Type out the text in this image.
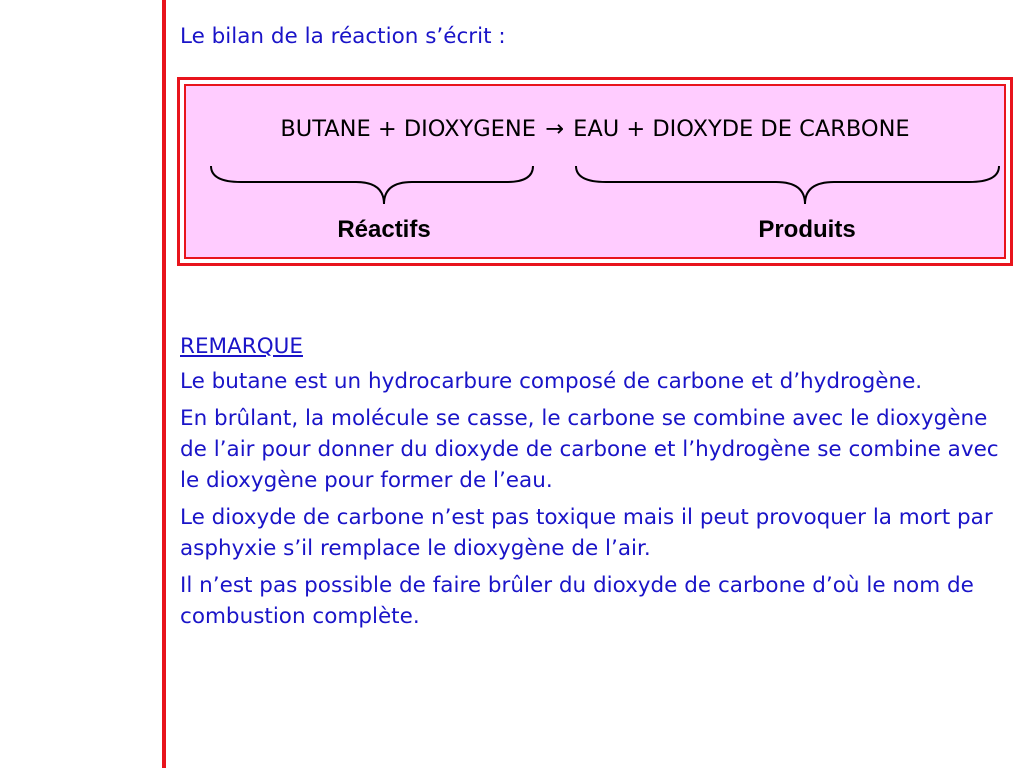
Le bilan de la réaction s’écrit :
BUTANE + DIOXYGENE → EAU + DIOXYDE DE CARBONE
Réactifs	Produits
REMARQUE

Le butane est un hydrocarbure composé de carbone et d’hydrogène.

En brûlant, la molécule se casse, le carbone se combine avec le dioxygène de l’air pour donner du dioxyde de carbone et l’hydrogène se combine avec le dioxygène pour former de l’eau.

Le dioxyde de carbone n’est pas toxique mais il peut provoquer la mort par asphyxie s’il remplace le dioxygène de l’air.

Il n’est pas possible de faire brûler du dioxyde de carbone d’où le nom de combustion complète.
